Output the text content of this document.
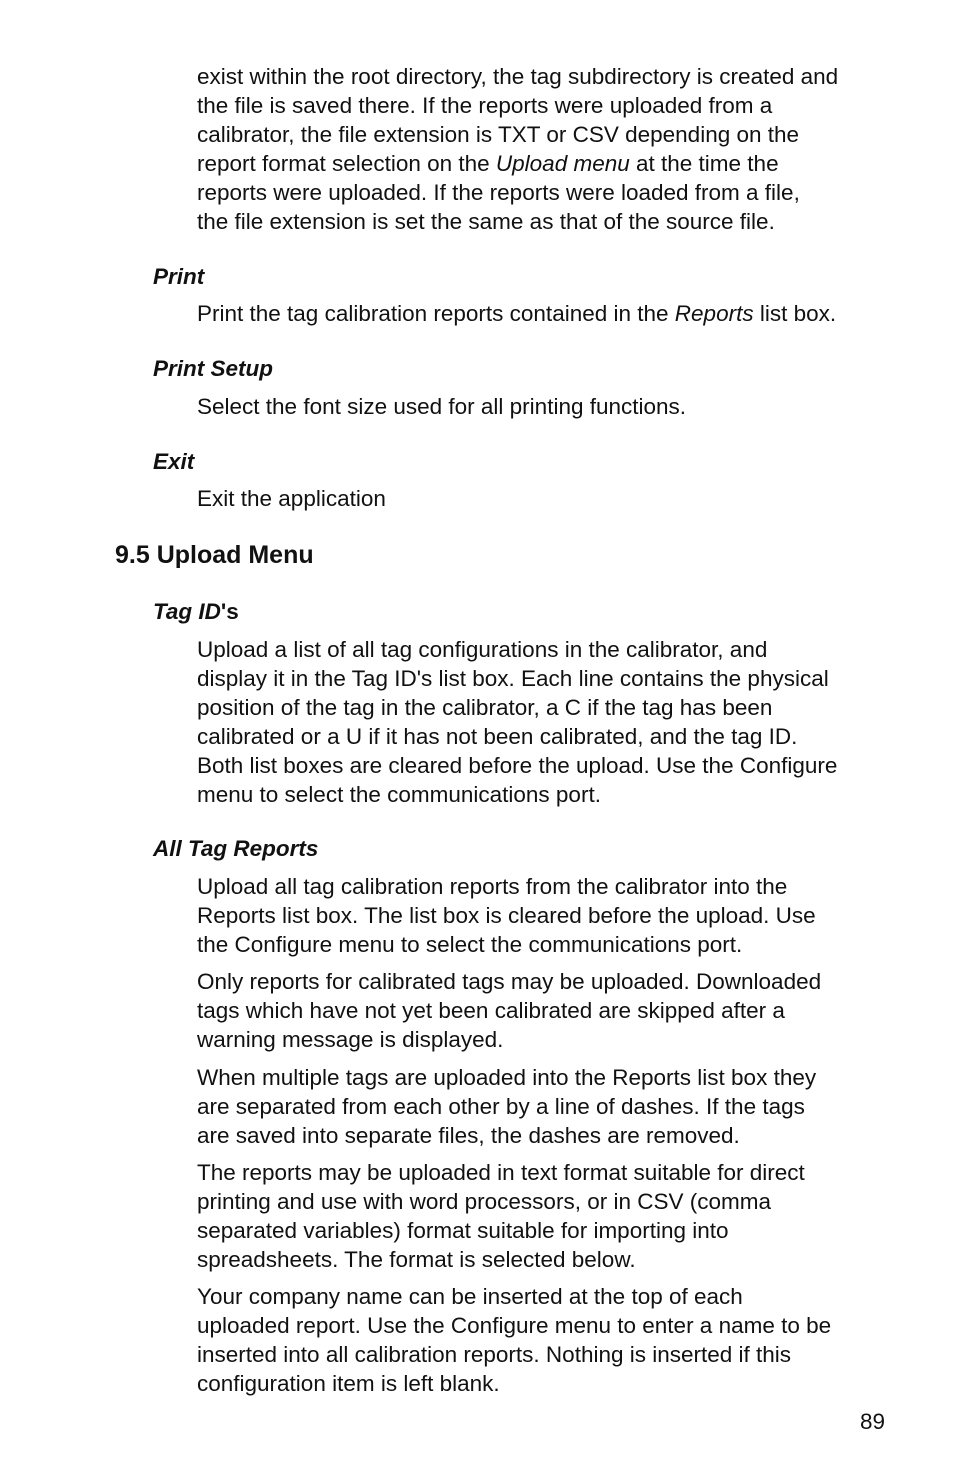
exist within the root directory, the tag subdirectory is created and
the file is saved there. If the reports were uploaded from a
calibrator, the file extension is TXT or CSV depending on the
report format selection on the Upload menu at the time the
reports were uploaded. If the reports were loaded from a file,
the file extension is set the same as that of the source file.

Print

Print the tag calibration reports contained in the Reports list box.

Print Setup

Select the font size used for all printing functions.

Exit

Exit the application

9.5 Upload Menu
Tag ID's

Upload a list of all tag configurations in the calibrator, and
display it in the Tag ID's list box. Each line contains the physical
position of the tag in the calibrator, a C if the tag has been
calibrated or a U if it has not been calibrated, and the tag ID.
Both list boxes are cleared before the upload. Use the Configure
menu to select the communications port.

All Tag Reports

Upload all tag calibration reports from the calibrator into the
Reports list box. The list box is cleared before the upload. Use
the Configure menu to select the communications port.

Only reports for calibrated tags may be uploaded. Downloaded
tags which have not yet been calibrated are skipped after a
warning message is displayed.

When multiple tags are uploaded into the Reports list box they
are separated from each other by a line of dashes. If the tags
are saved into separate files, the dashes are removed.

The reports may be uploaded in text format suitable for direct
printing and use with word processors, or in CSV (comma
separated variables) format suitable for importing into
spreadsheets. The format is selected below.

Your company name can be inserted at the top of each
uploaded report. Use the Configure menu to enter a name to be
inserted into all calibration reports. Nothing is inserted if this
configuration item is left blank.

89
